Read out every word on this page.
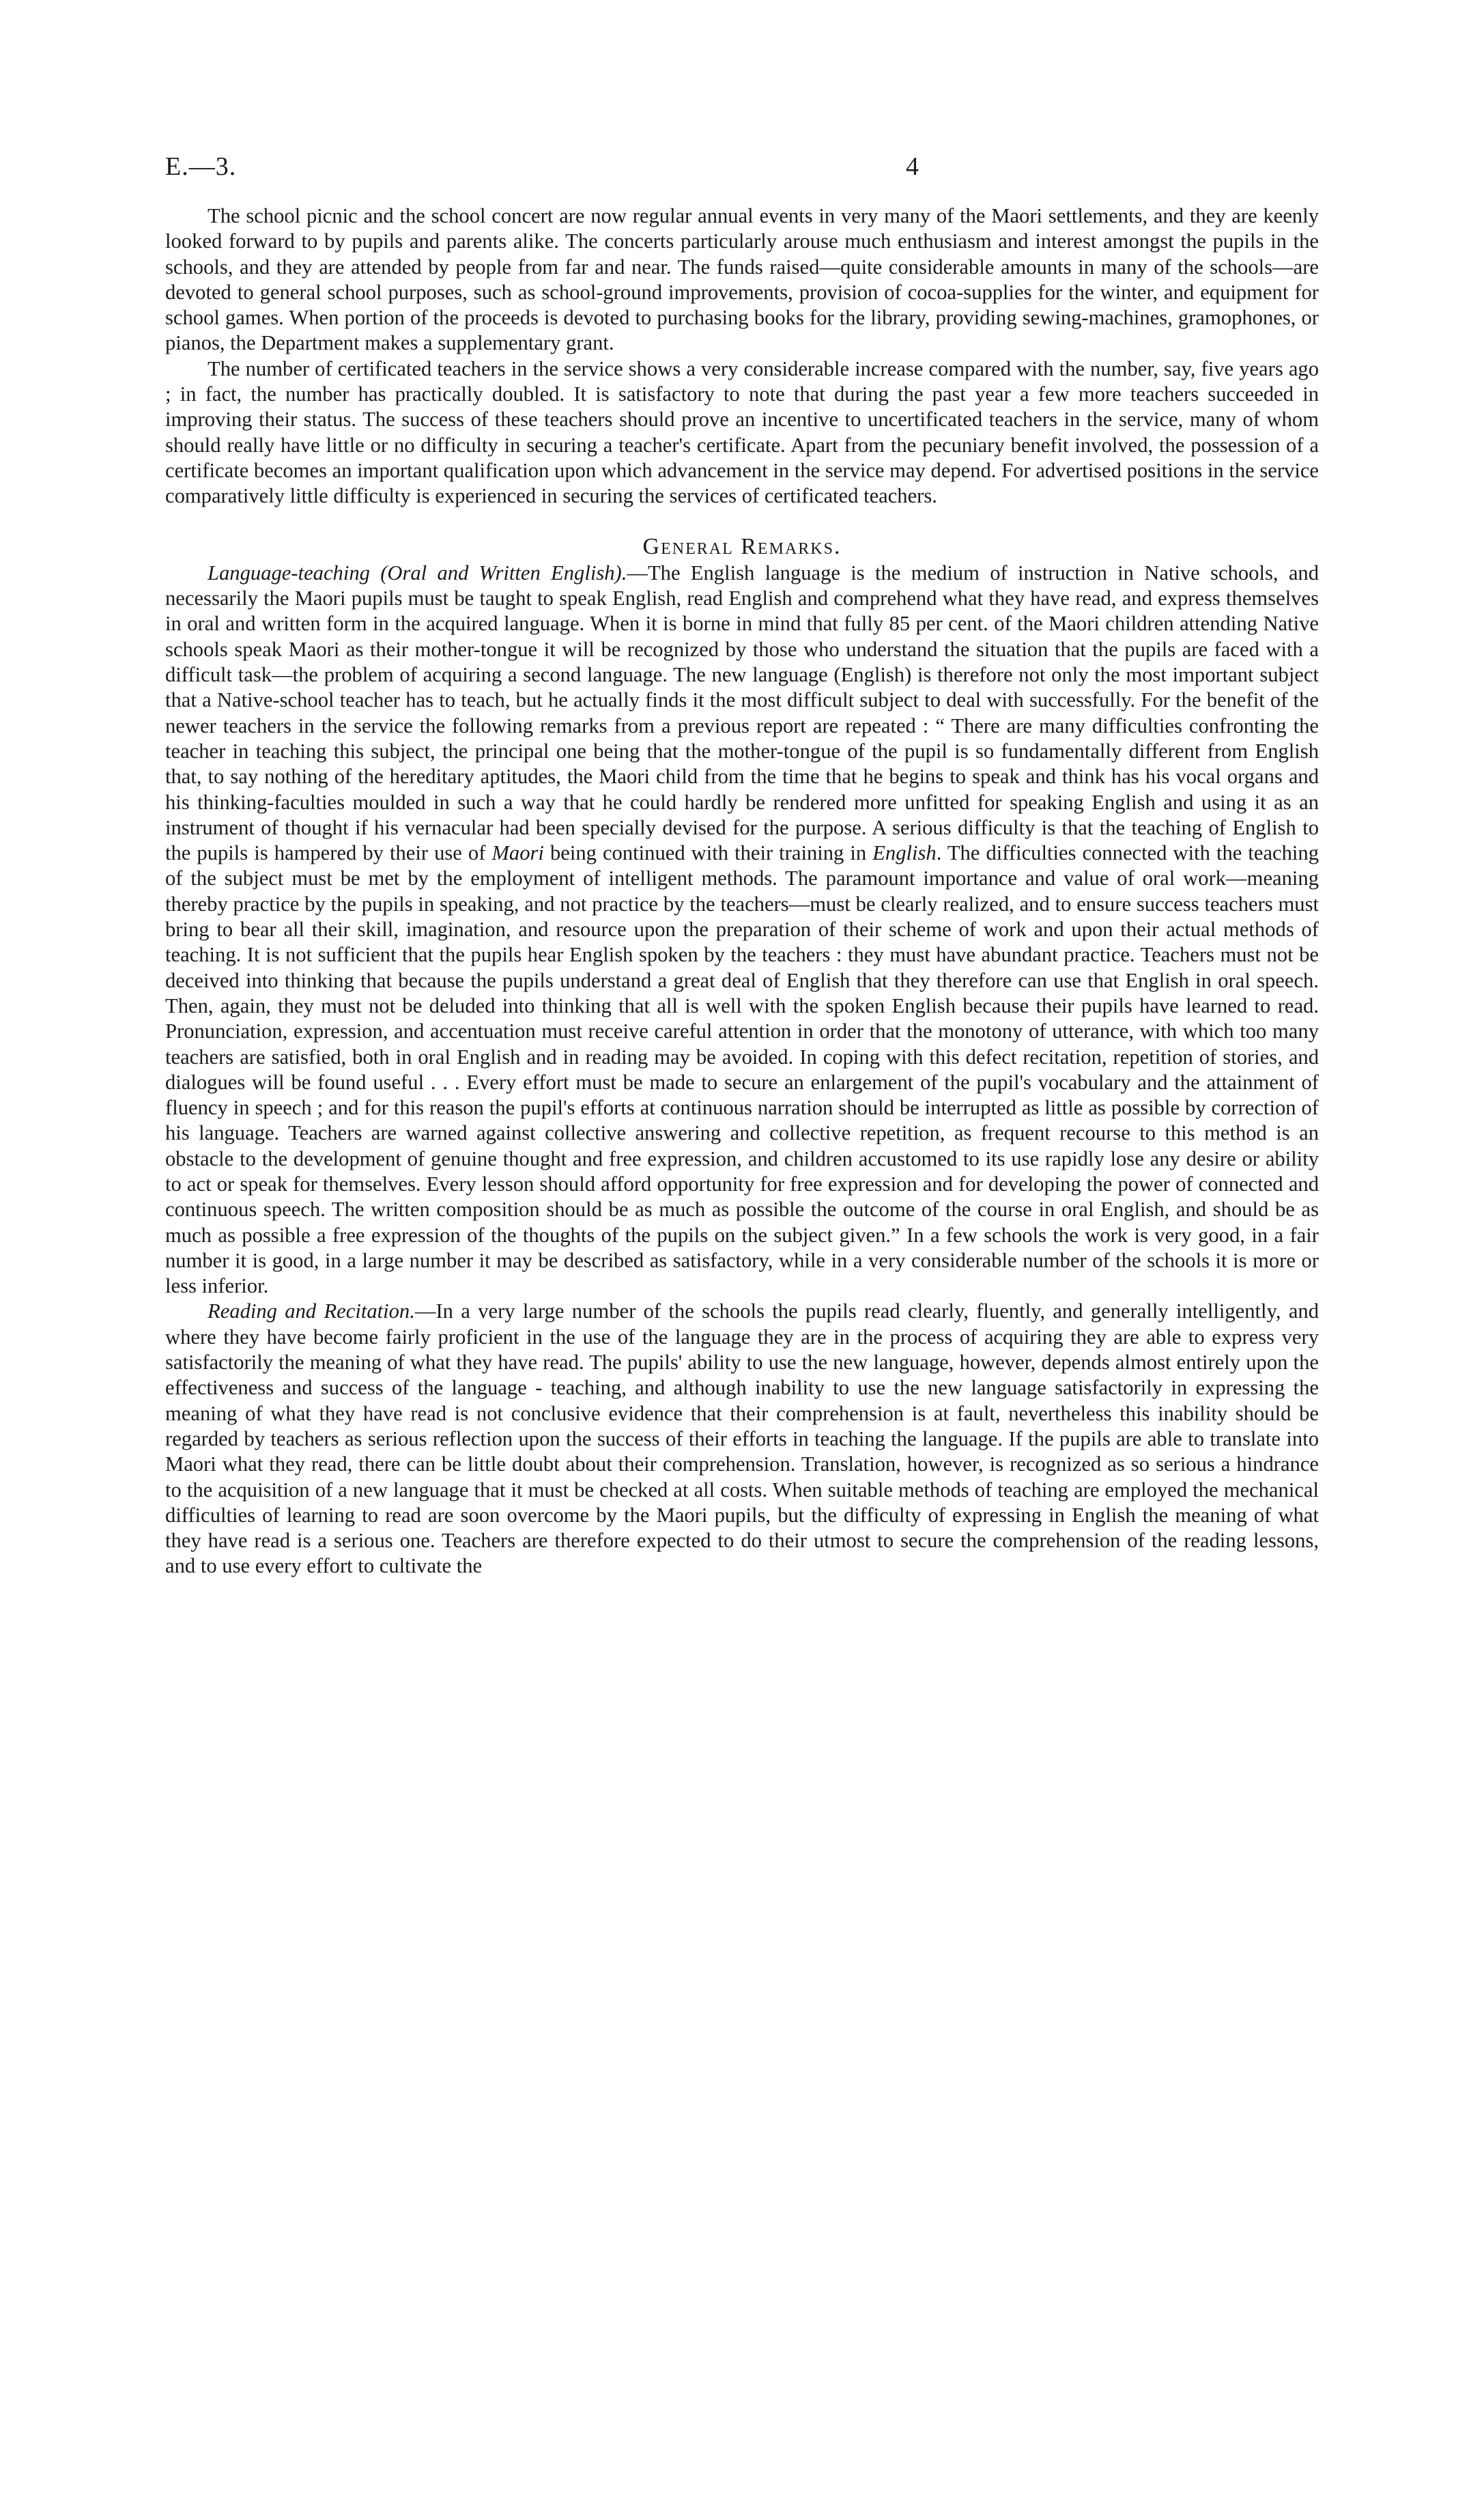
E.—3.	4

The school picnic and the school concert are now regular annual events in very many of the Maori settlements, and they are keenly looked forward to by pupils and parents alike. The concerts particularly arouse much enthusiasm and interest amongst the pupils in the schools, and they are attended by people from far and near. The funds raised—quite considerable amounts in many of the schools—are devoted to general school purposes, such as school-ground improvements, provision of cocoa-supplies for the winter, and equipment for school games. When portion of the proceeds is devoted to purchasing books for the library, providing sewing-machines, gramophones, or pianos, the Department makes a supplementary grant.

The number of certificated teachers in the service shows a very considerable increase compared with the number, say, five years ago ; in fact, the number has practically doubled. It is satisfactory to note that during the past year a few more teachers succeeded in improving their status. The success of these teachers should prove an incentive to uncertificated teachers in the service, many of whom should really have little or no difficulty in securing a teacher's certificate. Apart from the pecuniary benefit involved, the possession of a certificate becomes an important qualification upon which advancement in the service may depend. For advertised positions in the service comparatively little difficulty is experienced in securing the services of certificated teachers.

General Remarks.

Language-teaching (Oral and Written English).—The English language is the medium of instruction in Native schools, and necessarily the Maori pupils must be taught to speak English, read English and comprehend what they have read, and express themselves in oral and written form in the acquired language. When it is borne in mind that fully 85 per cent. of the Maori children attending Native schools speak Maori as their mother-tongue it will be recognized by those who understand the situation that the pupils are faced with a difficult task—the problem of acquiring a second language. The new language (English) is therefore not only the most important subject that a Native-school teacher has to teach, but he actually finds it the most difficult subject to deal with successfully. For the benefit of the newer teachers in the service the following remarks from a previous report are repeated : “ There are many difficulties confronting the teacher in teaching this subject, the principal one being that the mother-tongue of the pupil is so fundamentally different from English that, to say nothing of the hereditary aptitudes, the Maori child from the time that he begins to speak and think has his vocal organs and his thinking-faculties moulded in such a way that he could hardly be rendered more unfitted for speaking English and using it as an instrument of thought if his vernacular had been specially devised for the purpose. A serious difficulty is that the teaching of English to the pupils is hampered by their use of Maori being continued with their training in English. The difficulties connected with the teaching of the subject must be met by the employment of intelligent methods. The paramount importance and value of oral work—meaning thereby practice by the pupils in speaking, and not practice by the teachers—must be clearly realized, and to ensure success teachers must bring to bear all their skill, imagination, and resource upon the preparation of their scheme of work and upon their actual methods of teaching. It is not sufficient that the pupils hear English spoken by the teachers : they must have abundant practice. Teachers must not be deceived into thinking that because the pupils understand a great deal of English that they therefore can use that English in oral speech. Then, again, they must not be deluded into thinking that all is well with the spoken English because their pupils have learned to read. Pronunciation, expression, and accentuation must receive careful attention in order that the monotony of utterance, with which too many teachers are satisfied, both in oral English and in reading may be avoided. In coping with this defect recitation, repetition of stories, and dialogues will be found useful . . . Every effort must be made to secure an enlargement of the pupil's vocabulary and the attainment of fluency in speech ; and for this reason the pupil's efforts at continuous narration should be interrupted as little as possible by correction of his language. Teachers are warned against collective answering and collective repetition, as frequent recourse to this method is an obstacle to the development of genuine thought and free expression, and children accustomed to its use rapidly lose any desire or ability to act or speak for themselves. Every lesson should afford opportunity for free expression and for developing the power of connected and continuous speech. The written composition should be as much as possible the outcome of the course in oral English, and should be as much as possible a free expression of the thoughts of the pupils on the subject given.” In a few schools the work is very good, in a fair number it is good, in a large number it may be described as satisfactory, while in a very considerable number of the schools it is more or less inferior.

Reading and Recitation.—In a very large number of the schools the pupils read clearly, fluently, and generally intelligently, and where they have become fairly proficient in the use of the language they are in the process of acquiring they are able to express very satisfactorily the meaning of what they have read. The pupils' ability to use the new language, however, depends almost entirely upon the effectiveness and success of the language - teaching, and although inability to use the new language satisfactorily in expressing the meaning of what they have read is not conclusive evidence that their comprehension is at fault, nevertheless this inability should be regarded by teachers as serious reflection upon the success of their efforts in teaching the language. If the pupils are able to translate into Maori what they read, there can be little doubt about their comprehension. Translation, however, is recognized as so serious a hindrance to the acquisition of a new language that it must be checked at all costs. When suitable methods of teaching are employed the mechanical difficulties of learning to read are soon overcome by the Maori pupils, but the difficulty of expressing in English the meaning of what they have read is a serious one. Teachers are therefore expected to do their utmost to secure the comprehension of the reading lessons, and to use every effort to cultivate the
